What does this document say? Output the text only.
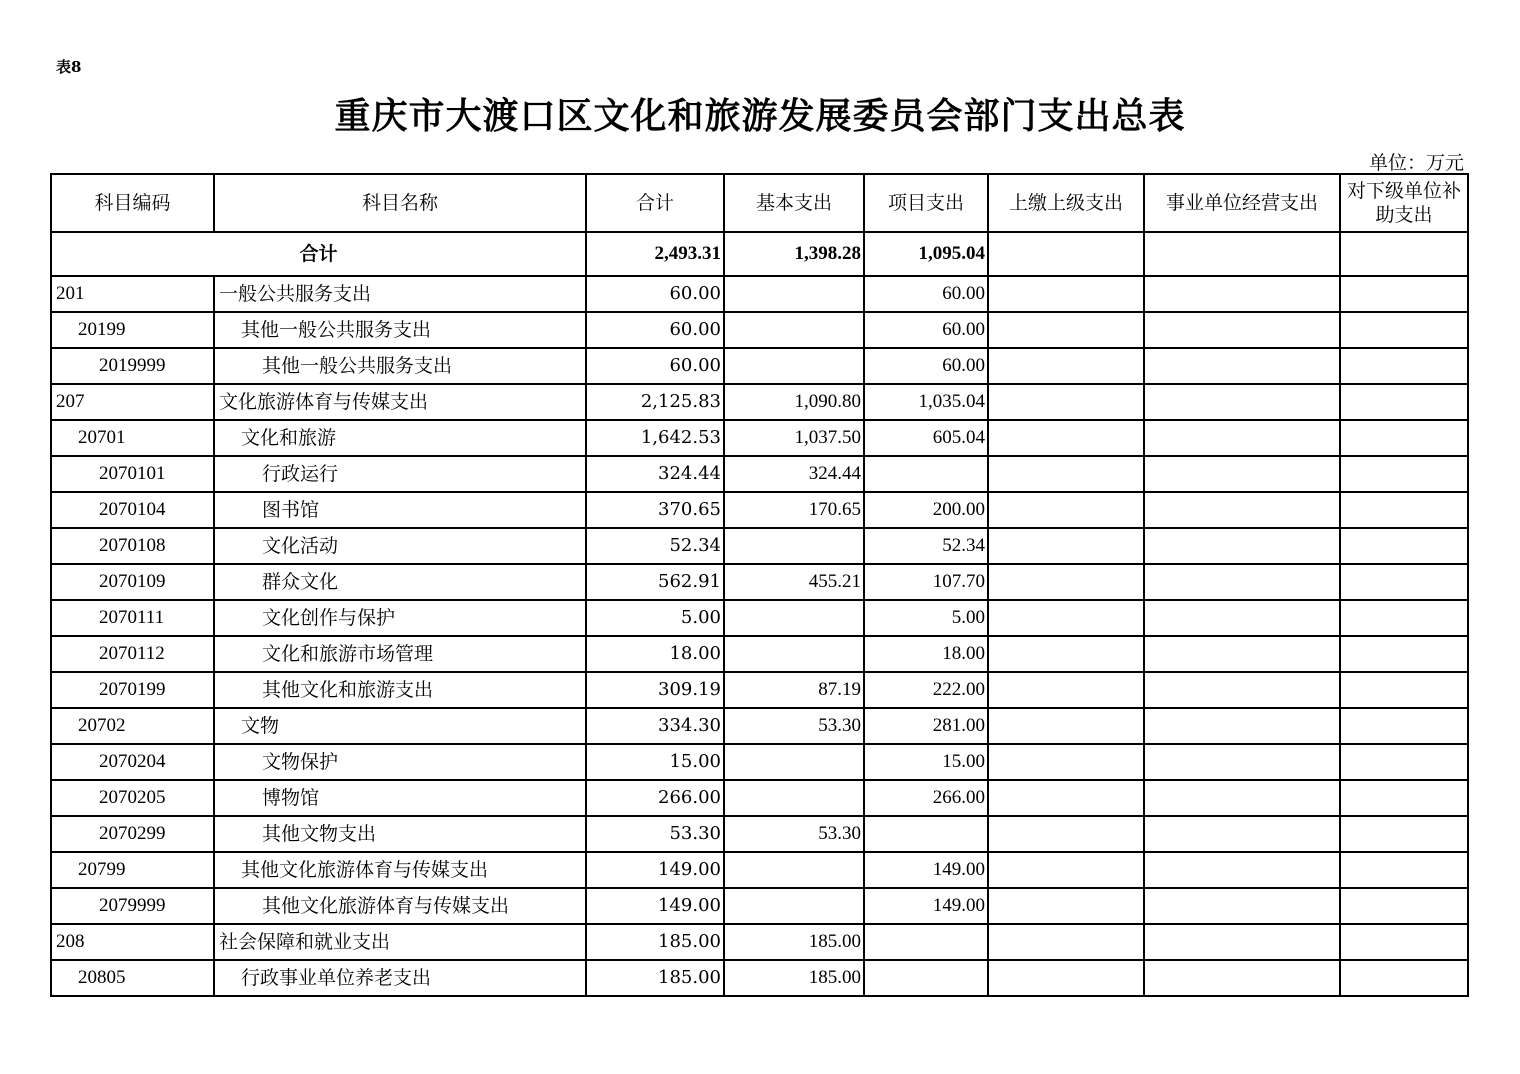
表8
重庆市大渡口区文化和旅游发展委员会部门支出总表
单位：万元
科目编码	科目名称	合计	基本支出	项目支出	上缴上级支出	事业单位经营支出	对下级单位补助支出
合计		2,493.31	1,398.28	1,095.04			
201	一般公共服务支出	60.00		60.00			
20199	其他一般公共服务支出	60.00		60.00			
2019999	其他一般公共服务支出	60.00		60.00			
207	文化旅游体育与传媒支出	2,125.83	1,090.80	1,035.04			
20701	文化和旅游	1,642.53	1,037.50	605.04			
2070101	行政运行	324.44	324.44				
2070104	图书馆	370.65	170.65	200.00			
2070108	文化活动	52.34		52.34			
2070109	群众文化	562.91	455.21	107.70			
2070111	文化创作与保护	5.00		5.00			
2070112	文化和旅游市场管理	18.00		18.00			
2070199	其他文化和旅游支出	309.19	87.19	222.00			
20702	文物	334.30	53.30	281.00			
2070204	文物保护	15.00		15.00			
2070205	博物馆	266.00		266.00			
2070299	其他文物支出	53.30	53.30				
20799	其他文化旅游体育与传媒支出	149.00		149.00			
2079999	其他文化旅游体育与传媒支出	149.00		149.00			
208	社会保障和就业支出	185.00	185.00				
20805	行政事业单位养老支出	185.00	185.00				
